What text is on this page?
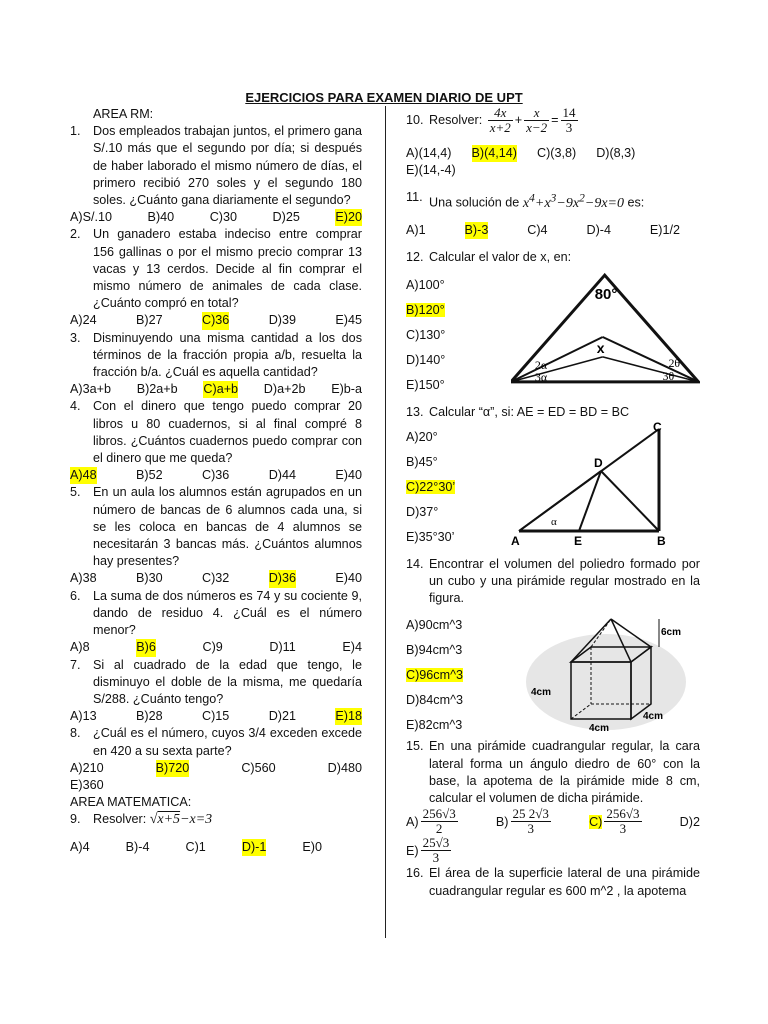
EJERCICIOS PARA EXAMEN DIARIO DE UPT
AREA RM:
1. Dos empleados trabajan juntos, el primero gana S/.10 más que el segundo por día; si después de haber laborado el mismo número de días, el primero recibió 270 soles y el segundo 180 soles. ¿Cuánto gana diariamente el segundo?
A)S/.10	B)40	C)30	D)25	E)20
2. Un ganadero estaba indeciso entre comprar 156 gallinas o por el mismo precio comprar 13 vacas y 13 cerdos. Decide al fin comprar el mismo número de animales de cada clase. ¿Cuánto compró en total?
A)24	B)27	C)36	D)39	E)45
3. Disminuyendo una misma cantidad a los dos términos de la fracción propia a/b, resuelta la fracción b/a. ¿Cuál es aquella cantidad?
A)3a+b B)2a+b C)a+b D)a+2b E)b-a
4. Con el dinero que tengo puedo comprar 20 libros u 80 cuadernos, si al final compré 8 libros. ¿Cuántos cuadernos puedo comprar con el dinero que me queda?
A)48	B)52	C)36	D)44	E)40
5. En un aula los alumnos están agrupados en un número de bancas de 6 alumnos cada una, si se les coloca en bancas de 4 alumnos se necesitarán 3 bancas más. ¿Cuántos alumnos hay presentes?
A)38	B)30	C)32	D)36	E)40
6. La suma de dos números es 74 y su cociente 9, dando de residuo 4. ¿Cuál es el número menor?
A)8	B)6	C)9	D)11	E)4
7. Si al cuadrado de la edad que tengo, le disminuyo el doble de la misma, me quedaría S/288. ¿Cuánto tengo?
A)13	B)28	C)15	D)21	E)18
8. ¿Cuál es el número, cuyos 3/4 exceden excede en 420 a su sexta parte?
A)210	B)720	C)560	D)480
E)360
AREA MATEMATICA:
9. Resolver: √x+5−x=3
A)4	B)-4	C)1	D)-1	E)0
10. Resolver: $\frac{4x}{x+2} + \frac{x}{x-2} = \frac{14}{3}$
A)(14,4) B)(4,14) C)(3,8) D)(8,3)
E)(14,-4)
11. Una solución de $x^4+x^3-9x^2-9x=0$ es:
A)1	B)-3	C)4	D)-4	E)1/2
12. Calcular el valor de x, en:
A)100°
B)120°
C)130°
D)140°
E)150°
80°
x
2α
3α
2θ
3θ
13. Calcular “α”, si: AE = ED = BD = BC
A)20°
B)45°
C)22°30’
D)37°
E)35°30’	A	E	B
C
D
α
14. Encontrar el volumen del poliedro formado por un cubo y una pirámide regular mostrado en la figura.
A)90cm^3
B)94cm^3
C)96cm^3
D)84cm^3
E)82cm^3
6cm
4cm
4cm
4cm
15. En una pirámide cuadrangular regular, la cara lateral forma un ángulo diedro de 60° con la base, la apotema de la pirámide mide 8 cm, calcular el volumen de dicha pirámide.
$A) \frac{256√3}{2}$	$B) \frac{25 2√3}{3}$	$C) \frac{256√3}{3}$	D)2
$E) \frac{25√3}{3}$
16. El área de la superficie lateral de una pirámide cuadrangular regular es 600 m^2 , la apotema
